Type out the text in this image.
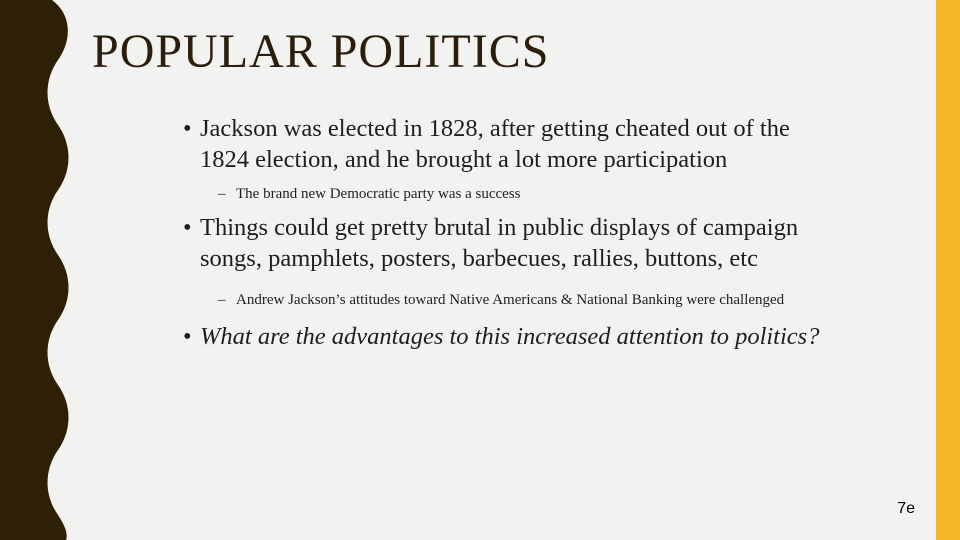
POPULAR POLITICS
• Jackson was elected in 1828, after getting cheated out of the 1824 election, and he brought a lot more participation
– The brand new Democratic party was a success
• Things could get pretty brutal in public displays of campaign songs, pamphlets, posters, barbecues, rallies, buttons, etc
– Andrew Jackson’s attitudes toward Native Americans & National Banking were challenged
• What are the advantages to this increased attention to politics?
7e
